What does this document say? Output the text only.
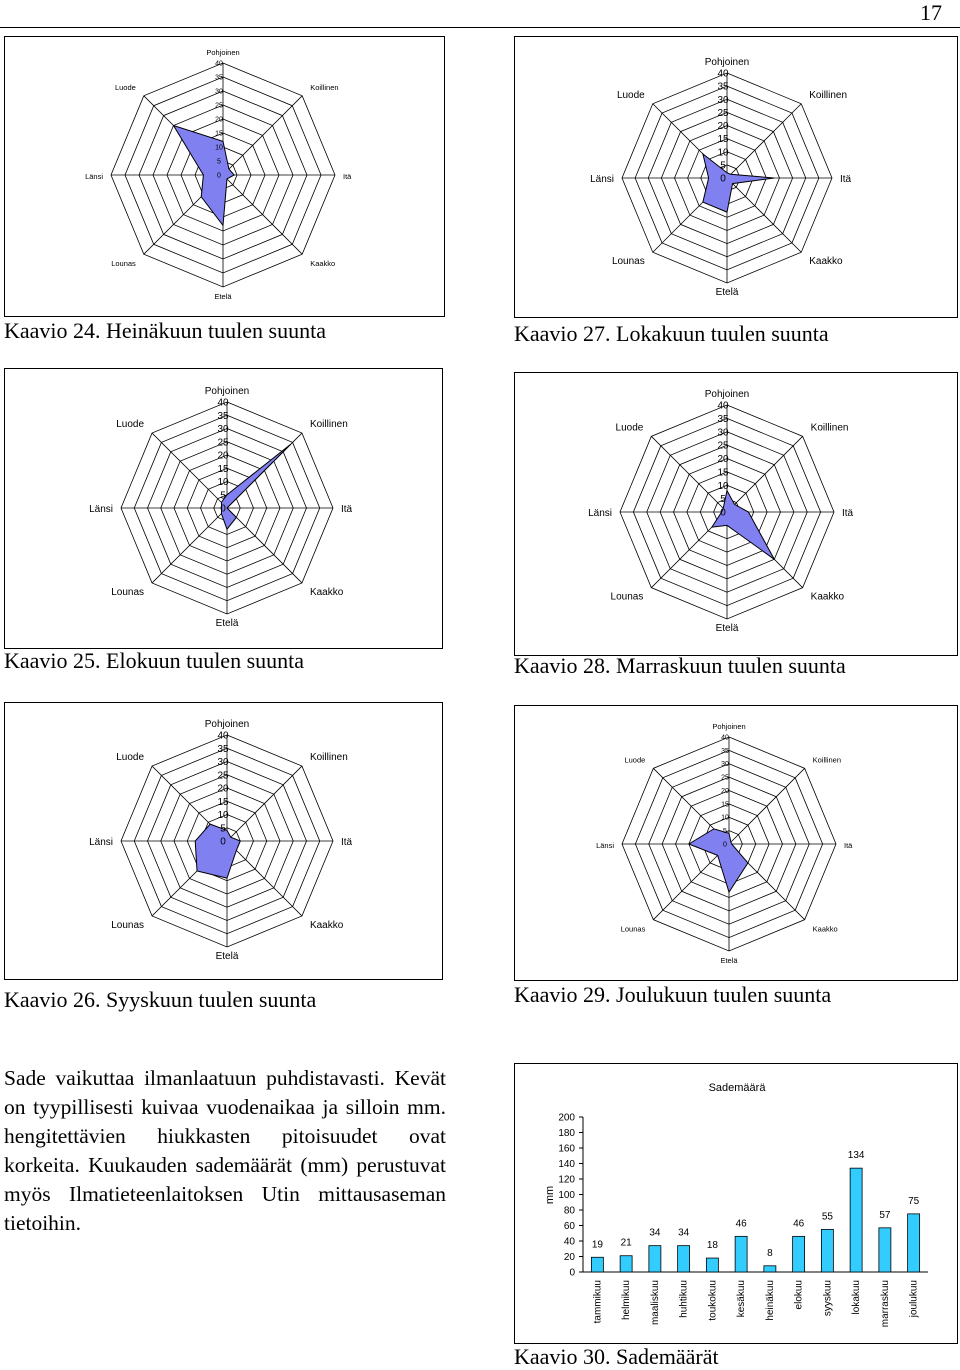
17
0
5
10
15
20
25
30
35
40
Pohjoinen
Koillinen
Itä
Kaakko
Etelä
Lounas
Länsi
Luode
Kaavio 24. Heinäkuun tuulen suunta
0
5
10
15
20
25
30
35
40
Pohjoinen
Koillinen
Itä
Kaakko
Etelä
Lounas
Länsi
Luode
Kaavio 27. Lokakuun tuulen suunta
0
5
10
15
20
25
30
35
40
Pohjoinen
Koillinen
Itä
Kaakko
Etelä
Lounas
Länsi
Luode
Kaavio 25. Elokuun tuulen suunta
0
5
10
15
20
25
30
35
40
Pohjoinen
Koillinen
Itä
Kaakko
Etelä
Lounas
Länsi
Luode
Kaavio 28. Marraskuun tuulen suunta
0
5
10
15
20
25
30
35
40
Pohjoinen
Koillinen
Itä
Kaakko
Etelä
Lounas
Länsi
Luode
Kaavio 26. Syyskuun tuulen suunta
0
5
10
15
20
25
30
35
40
Pohjoinen
Koillinen
Itä
Kaakko
Etelä
Lounas
Länsi
Luode
Kaavio 29. Joulukuun tuulen suunta

Sade vaikuttaa ilmanlaatuun puhdistavasti. Kevät on tyypillisesti kuivaa vuodenaikaa ja silloin mm. hengitettävien hiukkasten pitoisuudet ovat korkeita. Kuukauden sademäärät (mm) perustuvat myös Ilmatieteenlaitoksen Utin mittausaseman tietoihin.

Sademäärä
mm
0
20
40
60
80
100
120
140
160
180
200
19
tammikuu
21
helmikuu
34
maaliskuu
34
huhtikuu
18
toukokuu
46
kesäkuu
8
heinäkuu
46
elokuu
55
syyskuu
134
lokakuu
57
marraskuu
75
joulukuu
Kaavio 30. Sademäärät
